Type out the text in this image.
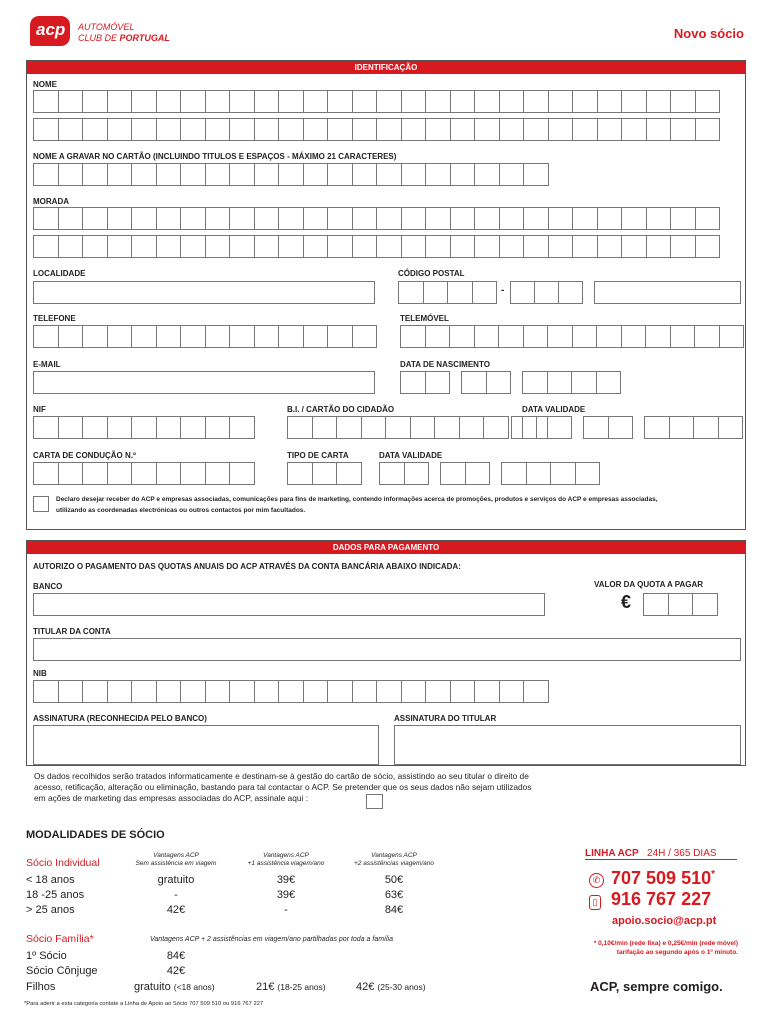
acp AUTOMÓVEL
CLUB DE PORTUGAL	Novo sócio
IDENTIFICAÇÃO
NOME
NOME A GRAVAR NO CARTÃO (INCLUINDO TITULOS E ESPAÇOS - MÁXIMO 21 CARACTERES)
MORADA
LOCALIDADE	CÓDIGO POSTAL
-
TELEFONE	TELEMÓVEL
E-MAIL	DATA DE NASCIMENTO
NIF	B.I. / CARTÃO DO CIDADÃO	DATA VALIDADE
CARTA DE CONDUÇÃO N.º	TIPO DE CARTA	DATA VALIDADE
Declaro desejar receber do ACP e empresas associadas, comunicações para fins de marketing, contendo informações acerca de promoções, produtos e serviços do ACP e empresas associadas,
utilizando as coordenadas electrónicas ou outros contactos por mim facultados.
DADOS PARA PAGAMENTO
AUTORIZO O PAGAMENTO DAS QUOTAS ANUAIS DO ACP ATRAVÉS DA CONTA BANCÁRIA ABAIXO INDICADA:
BANCO	VALOR DA QUOTA A PAGAR
€
TITULAR DA CONTA
NIB
ASSINATURA (RECONHECIDA PELO BANCO)	ASSINATURA DO TITULAR
Os dados recolhidos serão tratados informaticamente e destinam-se à gestão do cartão de sócio, assistindo ao seu titular o direito de
acesso, retificação, alteração ou eliminação, bastando para tal contactar o ACP. Se pretender que os seus dados não sejam utilizados
em ações de marketing das empresas associadas do ACP, assinale aqui :
MODALIDADES DE SÓCIO
Sócio Individual
Vantagens ACP
Sem assistência em viagem
Vantagens ACP
+1 assistência viagem/ano
Vantagens ACP
+2 assistências viagem/ano
< 18 anos	gratuito	39€	50€
18 -25 anos	-	39€	63€
> 25 anos	42€	-	84€
Sócio Família*	Vantagens ACP + 2 assistências em viagem/ano partilhadas por toda a família
1º Sócio	84€
Sócio Cônjuge	42€
Filhos	gratuito (<18 anos)	21€ (18-25 anos)	42€ (25-30 anos)
*Para aderir a esta categoria contate a Linha de Apoio ao Sócio 707 509 510 ou 916 767 227
LINHA ACP 24H / 365 DIAS
✆ 707 509 510*
▯ 916 767 227
apoio.socio@acp.pt
* 0,10€/min (rede fixa) e 0,25€/min (rede móvel)
tarifação ao segundo após o 1º minuto.
ACP, sempre comigo.
